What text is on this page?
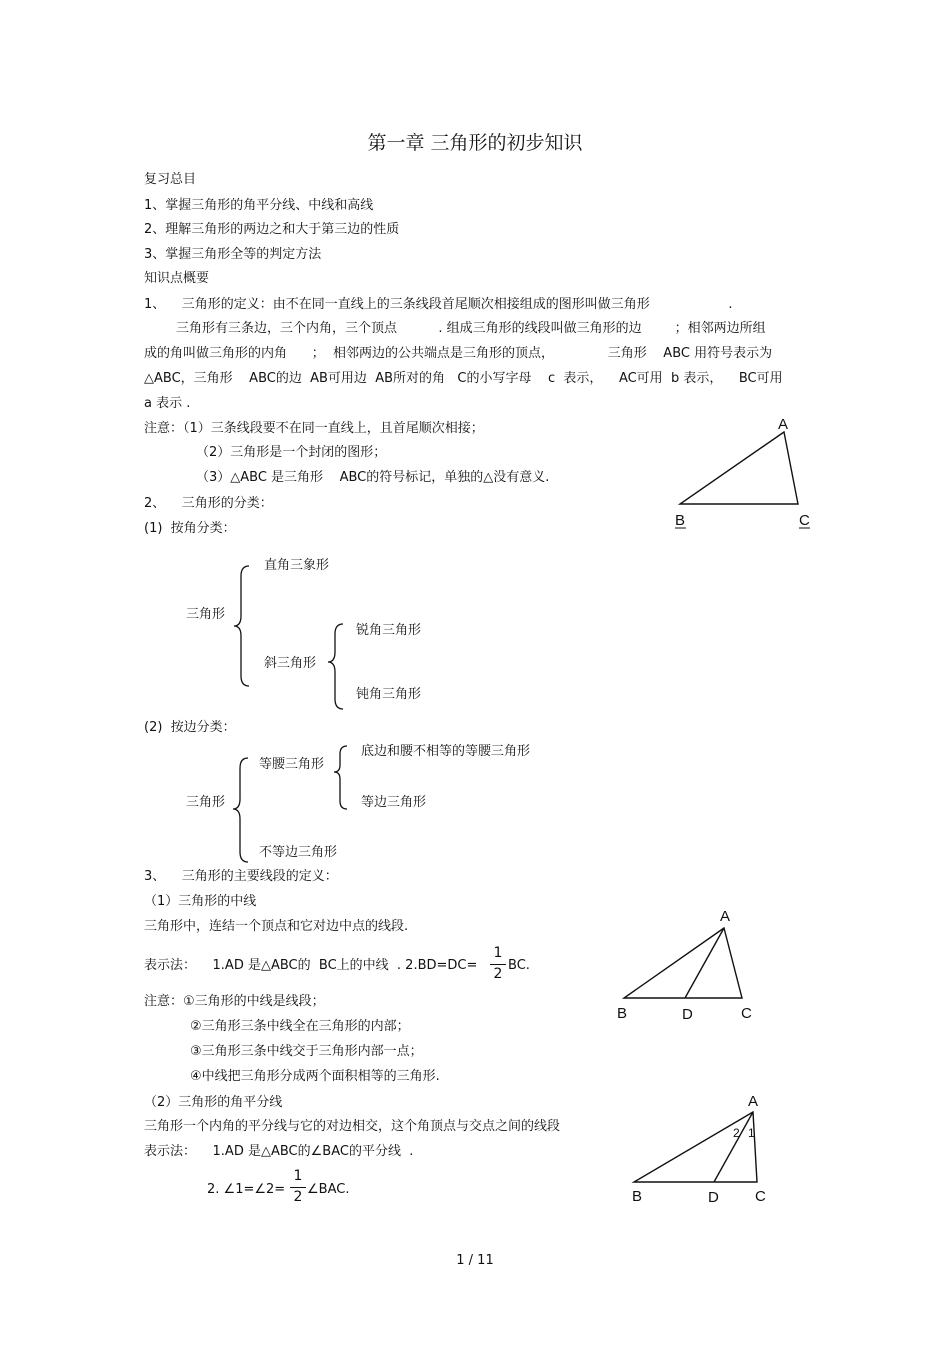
第一章 三角形的初步知识
复习总目
1、掌握三角形的角平分线、中线和高线
2、理解三角形的两边之和大于第三边的性质
3、掌握三角形全等的判定方法
知识点概要
1、    三角形的定义：由不在同一直线上的三条线段首尾顺次相接组成的图形叫做三角形                   .
三角形有三条边，三个内角，三个顶点          . 组成三角形的线段叫做三角形的边        ；相邻两边所组
成的角叫做三角形的内角      ；  相邻两边的公共端点是三角形的顶点，             三角形    ABC 用符号表示为
△ABC，三角形    ABC的边  AB可用边  AB所对的角   C的小写字母    c  表示，    AC可用  b 表示，    BC可用
a 表示 .
注意：（1）三条线段要不在同一直线上，且首尾顺次相接；
（2）三角形是一个封闭的图形；
（3）△ABC 是三角形    ABC的符号标记，单独的△没有意义.
2、    三角形的分类：
(1)  按角分类：
直角三象形
三角形
锐角三角形
斜三角形
钝角三角形
(2)  按边分类：
底边和腰不相等的等腰三角形
等腰三角形
三角形	等边三角形
不等边三角形
3、    三角形的主要线段的定义：
（1）三角形的中线
三角形中，连结一个顶点和它对边中点的线段.
表示法：    1.AD 是△ABC的  BC上的中线  . 2.BD=DC=
1
2
BC.
注意：①三角形的中线是线段；
②三角形三条中线全在三角形的内部；
③三角形三条中线交于三角形内部一点；
④中线把三角形分成两个面积相等的三角形.
（2）三角形的角平分线
三角形一个内角的平分线与它的对边相交，这个角顶点与交点之间的线段
表示法：    1.AD 是△ABC的∠BAC的平分线  .
2. ∠1=∠2=
1
2 ∠BAC.
A
B	C
A
B	D	C
A
2 1
B	D C
1 / 11
